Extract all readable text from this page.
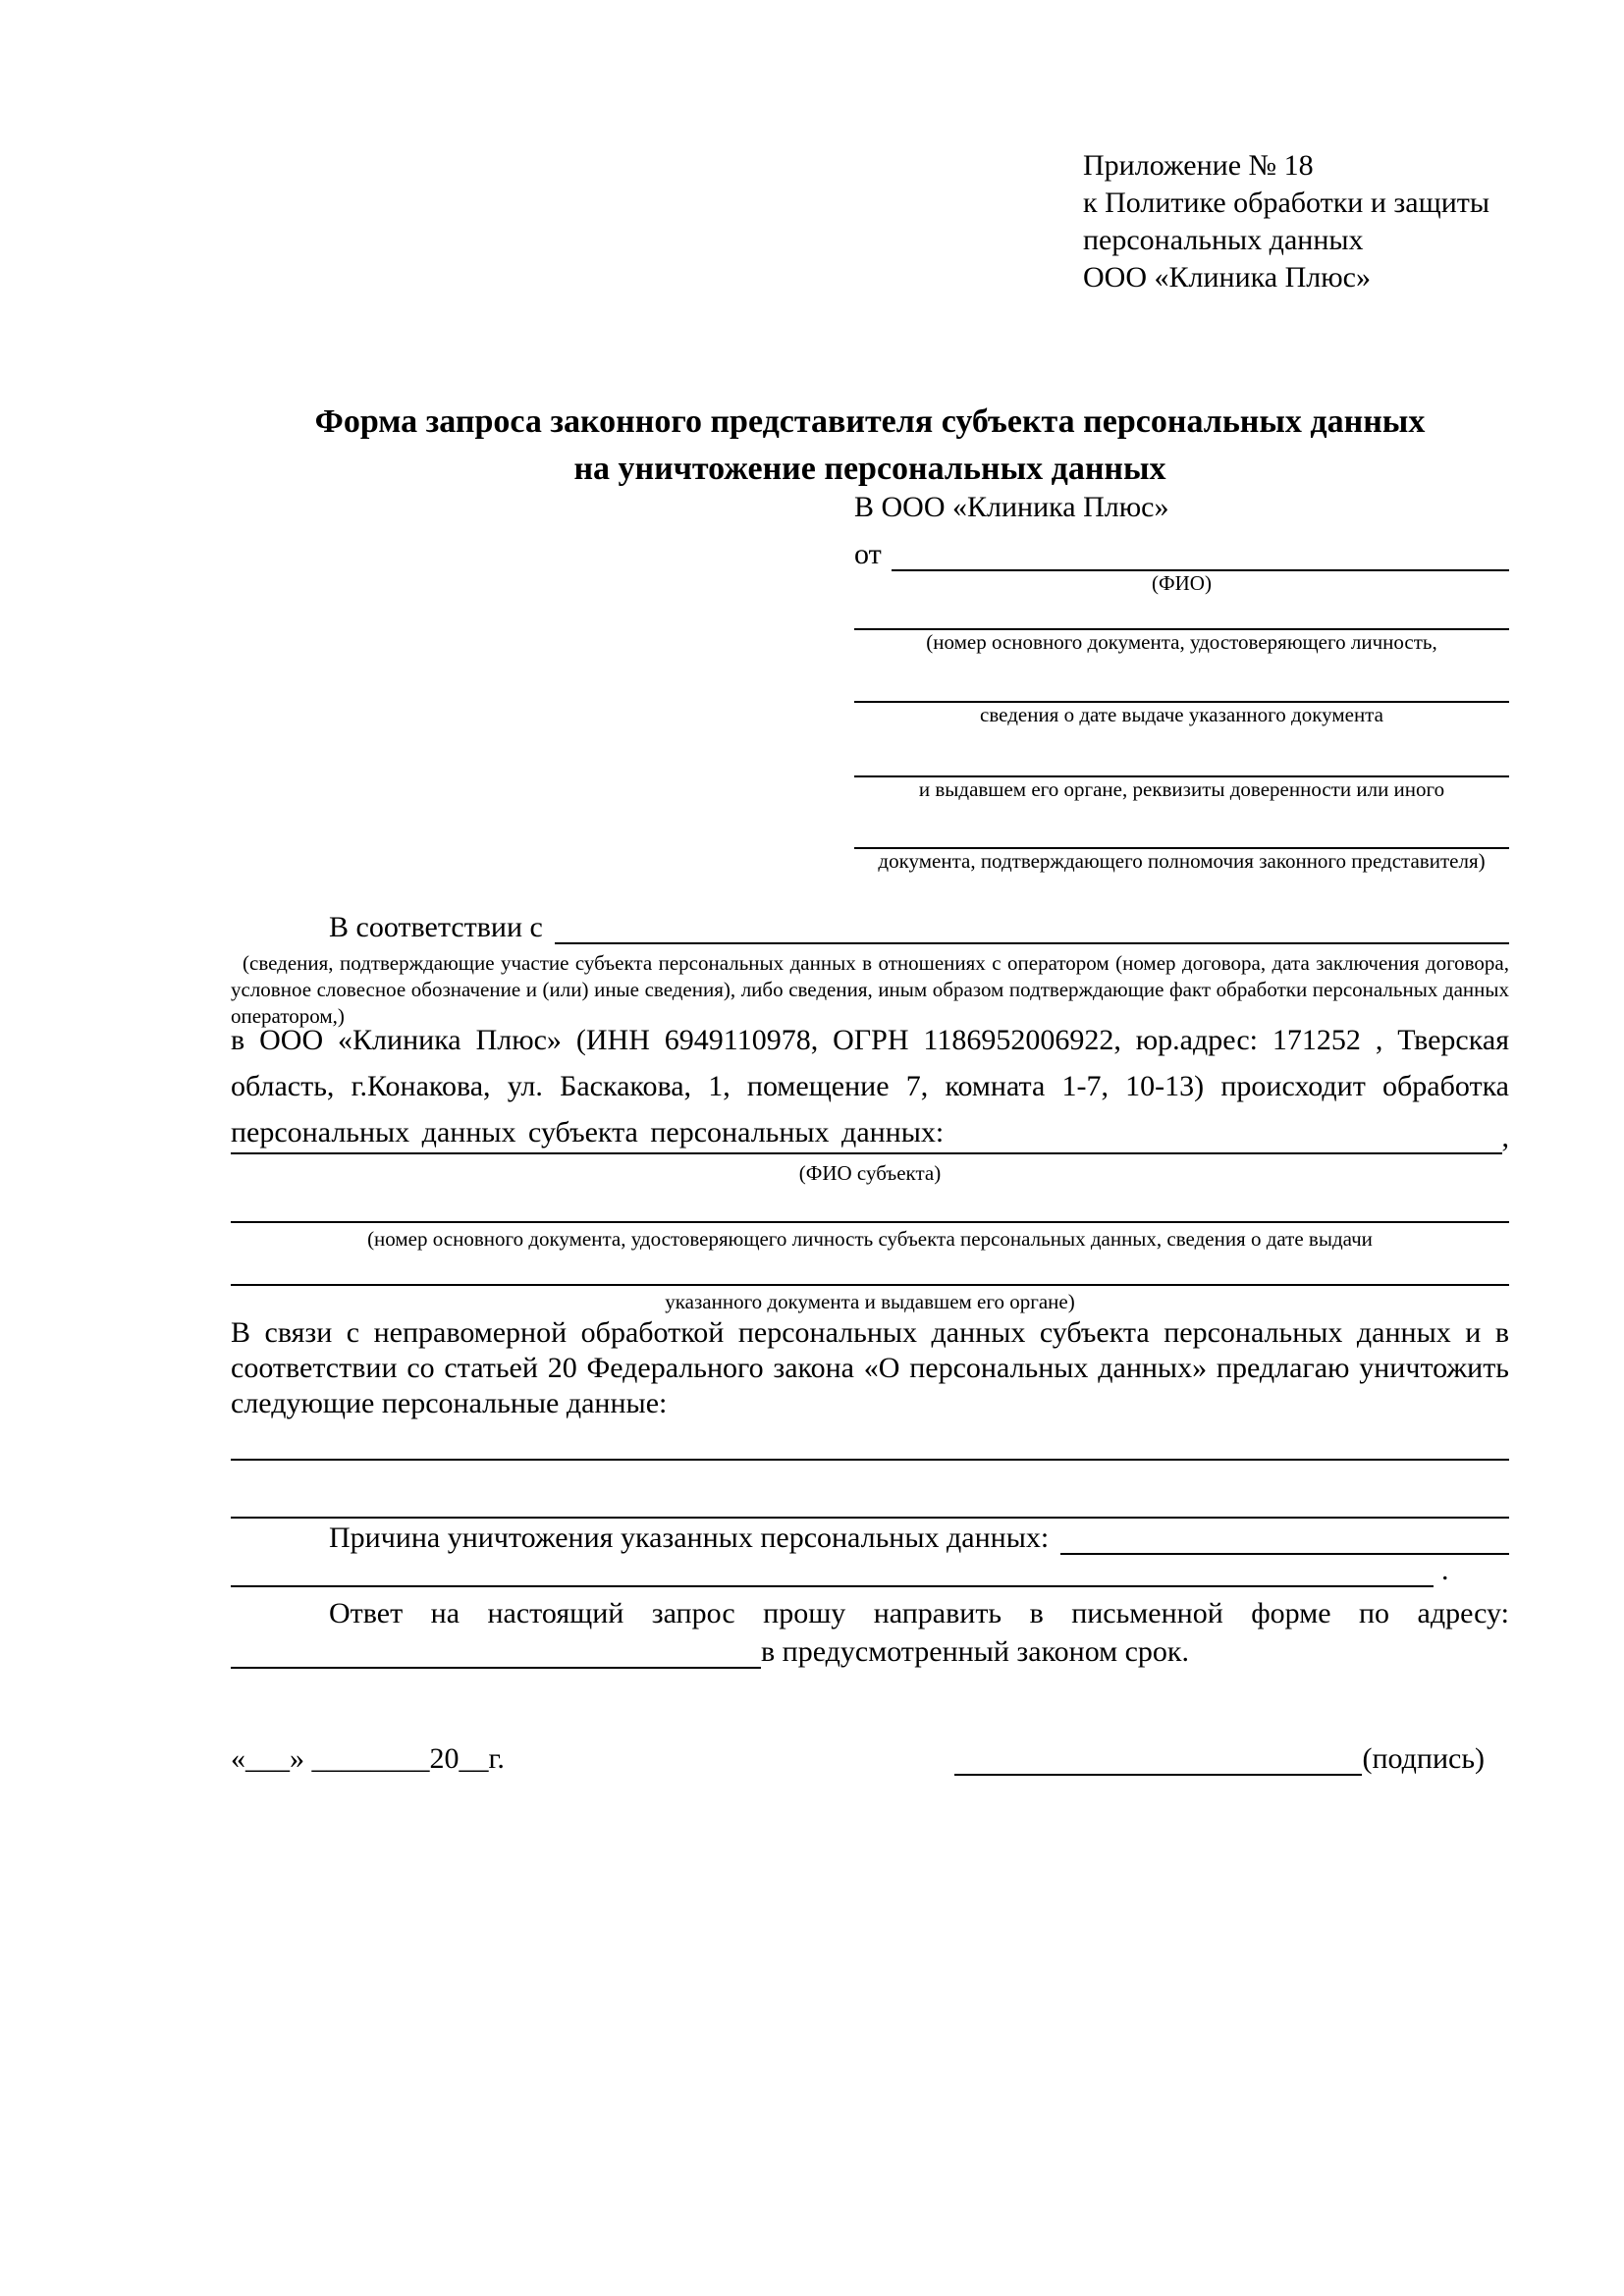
Приложение № 18
к Политике обработки и защиты
персональных данных
ООО «Клиника Плюс»
Форма запроса законного представителя субъекта персональных данных
на уничтожение персональных данных
В ООО «Клиника Плюс»
от
(ФИО)
(номер основного документа, удостоверяющего личность,
сведения о дате выдаче указанного документа
и выдавшем его органе, реквизиты доверенности или иного
документа, подтверждающего полномочия законного представителя)
В соответствии с
(сведения, подтверждающие участие субъекта персональных данных в отношениях с оператором (номер договора, дата заключения договора, условное словесное обозначение и (или) иные сведения), либо сведения, иным образом подтверждающие факт обработки персональных данных оператором,)
в ООО «Клиника Плюс» (ИНН 6949110978, ОГРН 1186952006922, юр.адрес: 171252 , Тверская область, г.Конакова, ул. Баскакова, 1, помещение 7, комната 1-7, 10-13) происходит обработка персональных данных субъекта персональных данных:	,
(ФИО субъекта)
(номер основного документа, удостоверяющего личность субъекта персональных данных, сведения о дате выдачи
указанного документа и выдавшем его органе)
В связи с неправомерной обработкой персональных данных субъекта персональных данных и в соответствии со статьей 20 Федерального закона «О персональных данных» предлагаю уничтожить следующие персональные данные:
Причина уничтожения указанных персональных данных:
.
Ответ на настоящий запрос прошу направить в письменной форме по адресу:
в предусмотренный законом срок.
«___» ________20__г.	(подпись)
